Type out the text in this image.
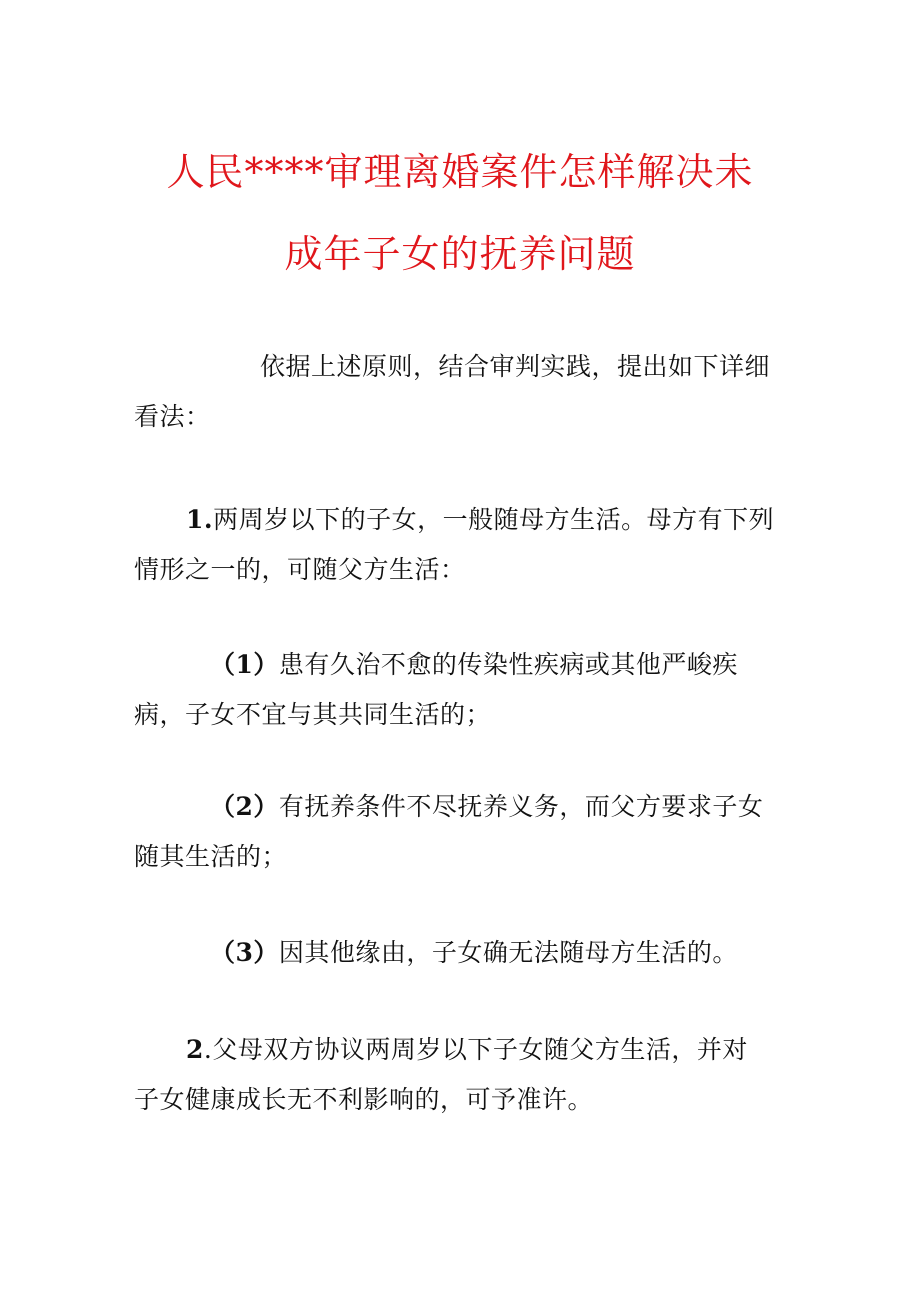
人民****审理离婚案件怎样解决未
成年子女的抚养问题
依据上述原则，结合审判实践，提出如下详细
看法：
1.两周岁以下的子女，一般随母方生活。母方有下列
情形之一的，可随父方生活：
（1）患有久治不愈的传染性疾病或其他严峻疾
病，子女不宜与其共同生活的；
（2）有抚养条件不尽抚养义务，而父方要求子女
随其生活的；
（3）因其他缘由，子女确无法随母方生活的。
2.父母双方协议两周岁以下子女随父方生活，并对
子女健康成长无不利影响的，可予准许。
